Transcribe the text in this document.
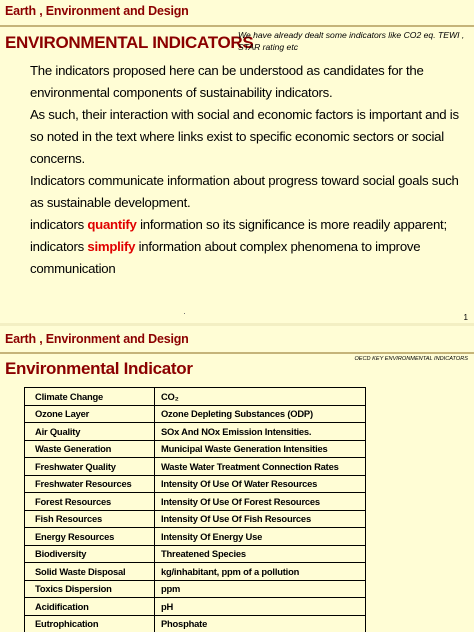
Earth , Environment and Design
ENVIRONMENTAL INDICATORS
We have already dealt some indicators like CO2 eq. TEWI , STAR rating etc

The indicators proposed here can be understood as candidates for the environmental components of sustainability indicators.

As such, their interaction with social and economic factors is important and is so noted in the text where links exist to specific economic sectors or social concerns.

Indicators communicate information about progress toward social goals such as sustainable development.

indicators quantify information so its significance is more readily apparent;

indicators simplify information about complex phenomena to improve communication

1
Earth , Environment and Design
Environmental Indicator	OECD KEY ENVIRONMENTAL INDICATORS
Climate Change	CO₂
Ozone Layer	Ozone Depleting Substances (ODP)
Air Quality	SOx And NOx Emission Intensities.
Waste Generation	Municipal Waste Generation Intensities
Freshwater Quality	Waste Water Treatment Connection Rates
Freshwater Resources	Intensity Of Use Of Water Resources
Forest Resources	Intensity Of Use Of Forest Resources
Fish Resources	Intensity Of Use Of Fish Resources
Energy Resources	Intensity Of Energy Use
Biodiversity	Threatened Species
Solid Waste Disposal	kg/inhabitant, ppm of a pollution
Toxics Dispersion	ppm
Acidification	pH
Eutrophication	Phosphate
